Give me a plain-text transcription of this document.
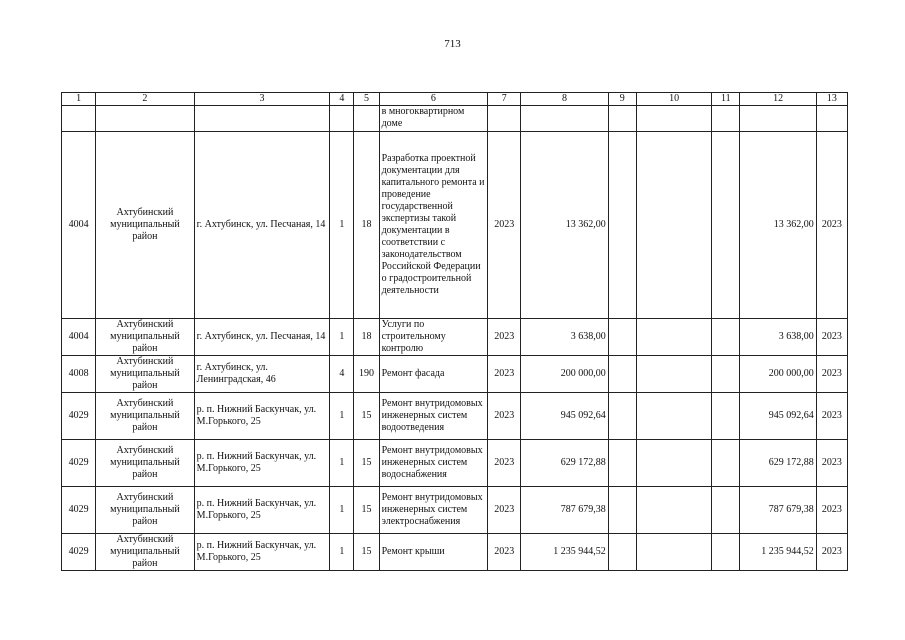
713
1	2	3	4	5	6	7	8	9	10	11	12	13
					в многоквартирном доме							
4004	Ахтубинский муниципальный район	г. Ахтубинск, ул. Песчаная, 14	1	18	Разработка проектной документации для капитального ремонта и проведение государственной экспертизы такой документации в соответствии с законодательством Российской Федерации о градостроительной деятельности	2023	13 362,00				13 362,00	2023
4004	Ахтубинский муниципальный район	г. Ахтубинск, ул. Песчаная, 14	1	18	Услуги по строительному контролю	2023	3 638,00				3 638,00	2023
4008	Ахтубинский муниципальный район	г. Ахтубинск, ул. Ленинградская, 46	4	190	Ремонт фасада	2023	200 000,00				200 000,00	2023
4029	Ахтубинский муниципальный район	р. п. Нижний Баскунчак, ул. М.Горького, 25	1	15	Ремонт внутридомовых инженерных систем водоотведения	2023	945 092,64				945 092,64	2023
4029	Ахтубинский муниципальный район	р. п. Нижний Баскунчак, ул. М.Горького, 25	1	15	Ремонт внутридомовых инженерных систем водоснабжения	2023	629 172,88				629 172,88	2023
4029	Ахтубинский муниципальный район	р. п. Нижний Баскунчак, ул. М.Горького, 25	1	15	Ремонт внутридомовых инженерных систем электроснабжения	2023	787 679,38				787 679,38	2023
4029	Ахтубинский муниципальный район	р. п. Нижний Баскунчак, ул. М.Горького, 25	1	15	Ремонт крыши	2023	1 235 944,52				1 235 944,52	2023
